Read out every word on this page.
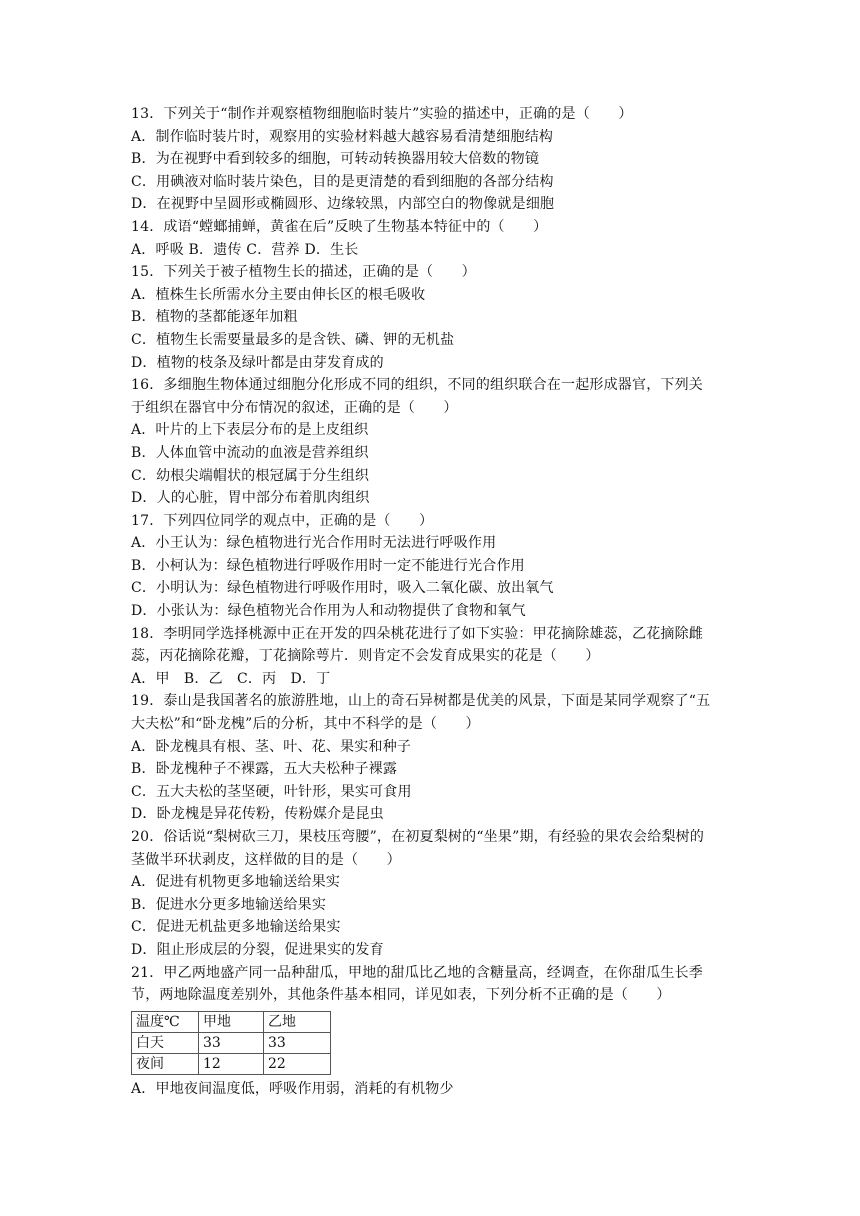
13．下列关于“制作并观察植物细胞临时装片”实验的描述中，正确的是（　　）
A．制作临时装片时，观察用的实验材料越大越容易看清楚细胞结构
B．为在视野中看到较多的细胞，可转动转换器用较大倍数的物镜
C．用碘液对临时装片染色，目的是更清楚的看到细胞的各部分结构
D．在视野中呈圆形或椭圆形、边缘较黑，内部空白的物像就是细胞
14．成语“螳螂捕蝉，黄雀在后”反映了生物基本特征中的（　　）
A．呼吸 B．遗传 C．营养 D．生长
15．下列关于被子植物生长的描述，正确的是（　　）
A．植株生长所需水分主要由伸长区的根毛吸收
B．植物的茎都能逐年加粗
C．植物生长需要量最多的是含铁、磷、钾的无机盐
D．植物的枝条及绿叶都是由芽发育成的
16．多细胞生物体通过细胞分化形成不同的组织，不同的组织联合在一起形成器官，下列关
于组织在器官中分布情况的叙述，正确的是（　　）
A．叶片的上下表层分布的是上皮组织
B．人体血管中流动的血液是营养组织
C．幼根尖端帽状的根冠属于分生组织
D．人的心脏，胃中部分布着肌肉组织
17．下列四位同学的观点中，正确的是（　　）
A．小王认为：绿色植物进行光合作用时无法进行呼吸作用
B．小柯认为：绿色植物进行呼吸作用时一定不能进行光合作用
C．小明认为：绿色植物进行呼吸作用时，吸入二氧化碳、放出氧气
D．小张认为：绿色植物光合作用为人和动物提供了食物和氧气
18．李明同学选择桃源中正在开发的四朵桃花进行了如下实验：甲花摘除雄蕊，乙花摘除雌
蕊，丙花摘除花瓣，丁花摘除萼片．则肯定不会发育成果实的花是（　　）
A．甲　B．乙　C．丙　D．丁
19．泰山是我国著名的旅游胜地，山上的奇石异树都是优美的风景，下面是某同学观察了“五
大夫松”和“卧龙槐”后的分析，其中不科学的是（　　）
A．卧龙槐具有根、茎、叶、花、果实和种子
B．卧龙槐种子不裸露，五大夫松种子裸露
C．五大夫松的茎坚硬，叶针形，果实可食用
D．卧龙槐是异花传粉，传粉媒介是昆虫
20．俗话说“梨树砍三刀，果枝压弯腰”，在初夏梨树的“坐果”期，有经验的果农会给梨树的
茎做半环状剥皮，这样做的目的是（　　）
A．促进有机物更多地输送给果实
B．促进水分更多地输送给果实
C．促进无机盐更多地输送给果实
D．阻止形成层的分裂，促进果实的发育
21．甲乙两地盛产同一品种甜瓜，甲地的甜瓜比乙地的含糖量高，经调查，在你甜瓜生长季
节，两地除温度差别外，其他条件基本相同，详见如表，下列分析不正确的是（　　）
温度℃	甲地	乙地
白天	33	33
夜间	12	22
A．甲地夜间温度低，呼吸作用弱，消耗的有机物少
